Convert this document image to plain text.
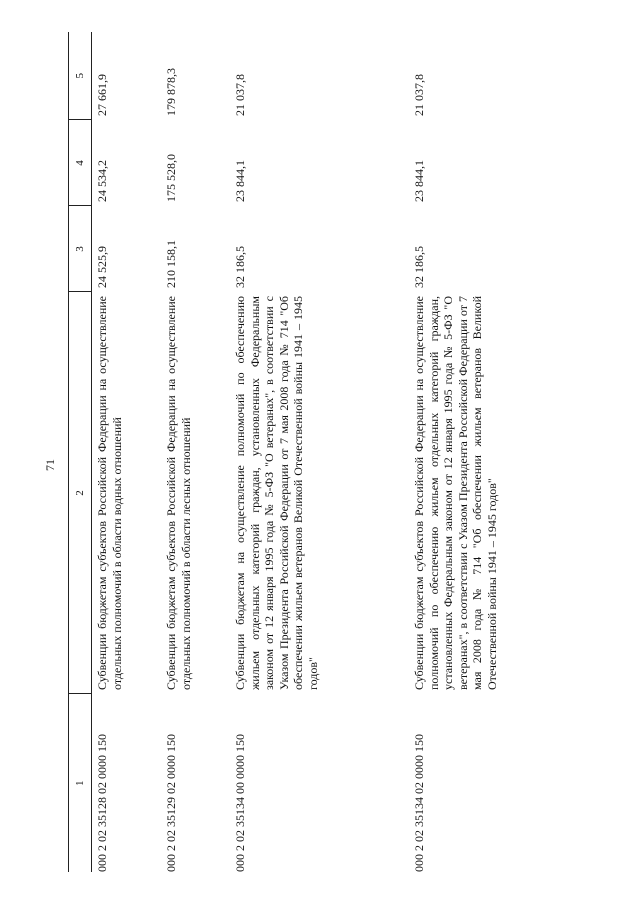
71
1	2	3	4	5
000 2 02 35128 02 0000 150	Субвенции бюджетам субъектов Российской Федерации на осуществление отдельных полномочий в области водных отношений	24 525,9	24 534,2	27 661,9
000 2 02 35129 02 0000 150	Субвенции бюджетам субъектов Российской Федерации на осуществление отдельных полномочий в области лесных отношений	210 158,1	175 528,0	179 878,3
000 2 02 35134 00 0000 150	Субвенции бюджетам на осуществление полномочий по обеспечению жильем отдельных категорий граждан, установленных Федеральным законом от 12 января 1995 года № 5-ФЗ "О ветеранах", в соответствии с Указом Президента Российской Федерации от 7 мая 2008 года № 714 "Об обеспечении жильем ветеранов Великой Отечественной войны 1941 – 1945 годов"	32 186,5	23 844,1	21 037,8
000 2 02 35134 02 0000 150	Субвенции бюджетам субъектов Российской Федерации на осуществление полномочий по обеспечению жильем отдельных категорий граждан, установленных Федеральным законом от 12 января 1995 года № 5-ФЗ "О ветеранах", в соответствии с Указом Президента Российской Федерации от 7 мая 2008 года № 714 "Об обеспечении жильем ветеранов Великой Отечественной войны 1941 – 1945 годов"	32 186,5	23 844,1	21 037,8
